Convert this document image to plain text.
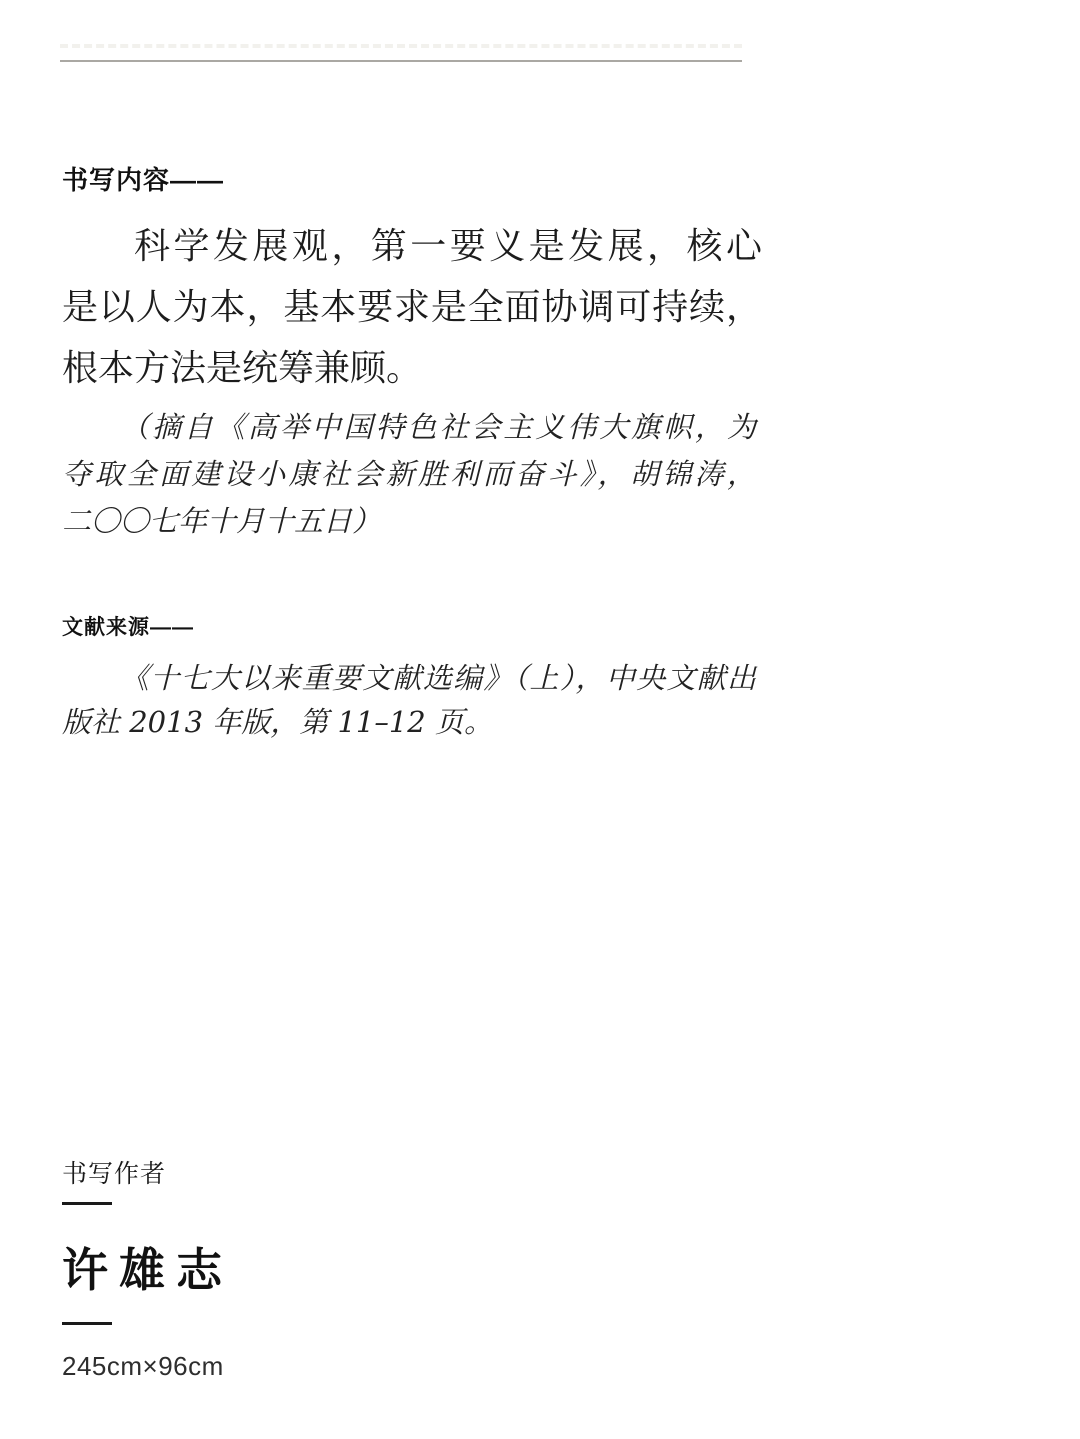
书写内容——
科学发展观，第一要义是发展，核心
是以人为本，基本要求是全面协调可持续，
根本方法是统筹兼顾。
（摘自《高举中国特色社会主义伟大旗帜，为
夺取全面建设小康社会新胜利而奋斗》，胡锦涛，
二〇〇七年十月十五日）
文献来源——
《十七大以来重要文献选编》（上），中央文献出
版社 2013 年版，第 11–12 页。
书写作者
许雄志
245cm×96cm
